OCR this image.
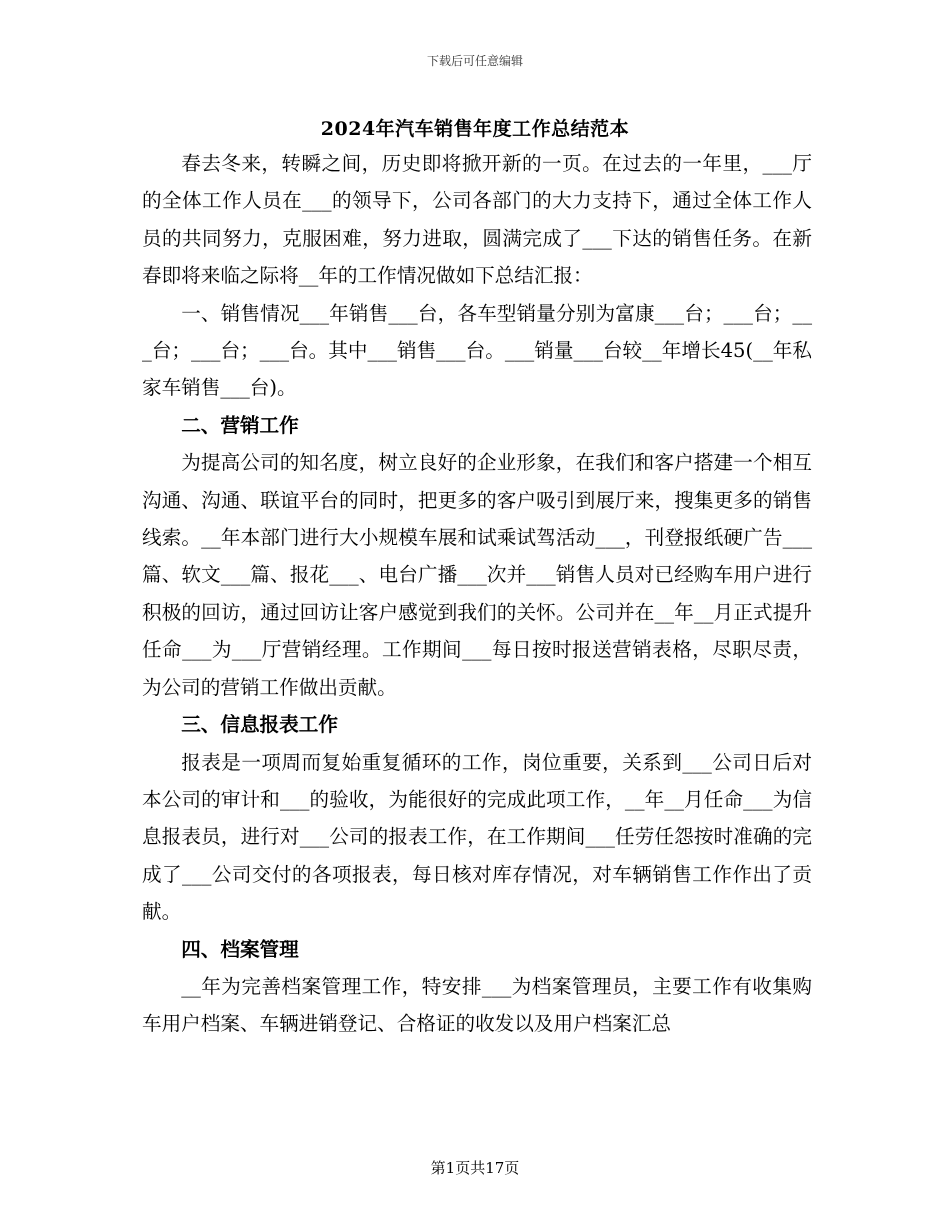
下载后可任意编辑
2024年汽车销售年度工作总结范本

春去冬来，转瞬之间，历史即将掀开新的一页。在过去的一年里，___厅的全体工作人员在___的领导下，公司各部门的大力支持下，通过全体工作人员的共同努力，克服困难，努力进取，圆满完成了___下达的销售任务。在新春即将来临之际将__年的工作情况做如下总结汇报：

一、销售情况___年销售___台，各车型销量分别为富康___台；___台；___台；___台；___台。其中___销售___台。___销量___台较__年增长45(__年私家车销售___台)。

二、营销工作

为提高公司的知名度，树立良好的企业形象，在我们和客户搭建一个相互沟通、沟通、联谊平台的同时，把更多的客户吸引到展厅来，搜集更多的销售线索。__年本部门进行大小规模车展和试乘试驾活动___，刊登报纸硬广告___篇、软文___篇、报花___、电台广播___次并___销售人员对已经购车用户进行积极的回访，通过回访让客户感觉到我们的关怀。公司并在__年__月正式提升任命___为___厅营销经理。工作期间___每日按时报送营销表格，尽职尽责，为公司的营销工作做出贡献。

三、信息报表工作

报表是一项周而复始重复循环的工作，岗位重要，关系到___公司日后对本公司的审计和___的验收，为能很好的完成此项工作，__年__月任命___为信息报表员，进行对___公司的报表工作，在工作期间___任劳任怨按时准确的完成了___公司交付的各项报表，每日核对库存情况，对车辆销售工作作出了贡献。

四、档案管理

__年为完善档案管理工作，特安排___为档案管理员，主要工作有收集购车用户档案、车辆进销登记、合格证的收发以及用户档案汇总

第1页共17页
